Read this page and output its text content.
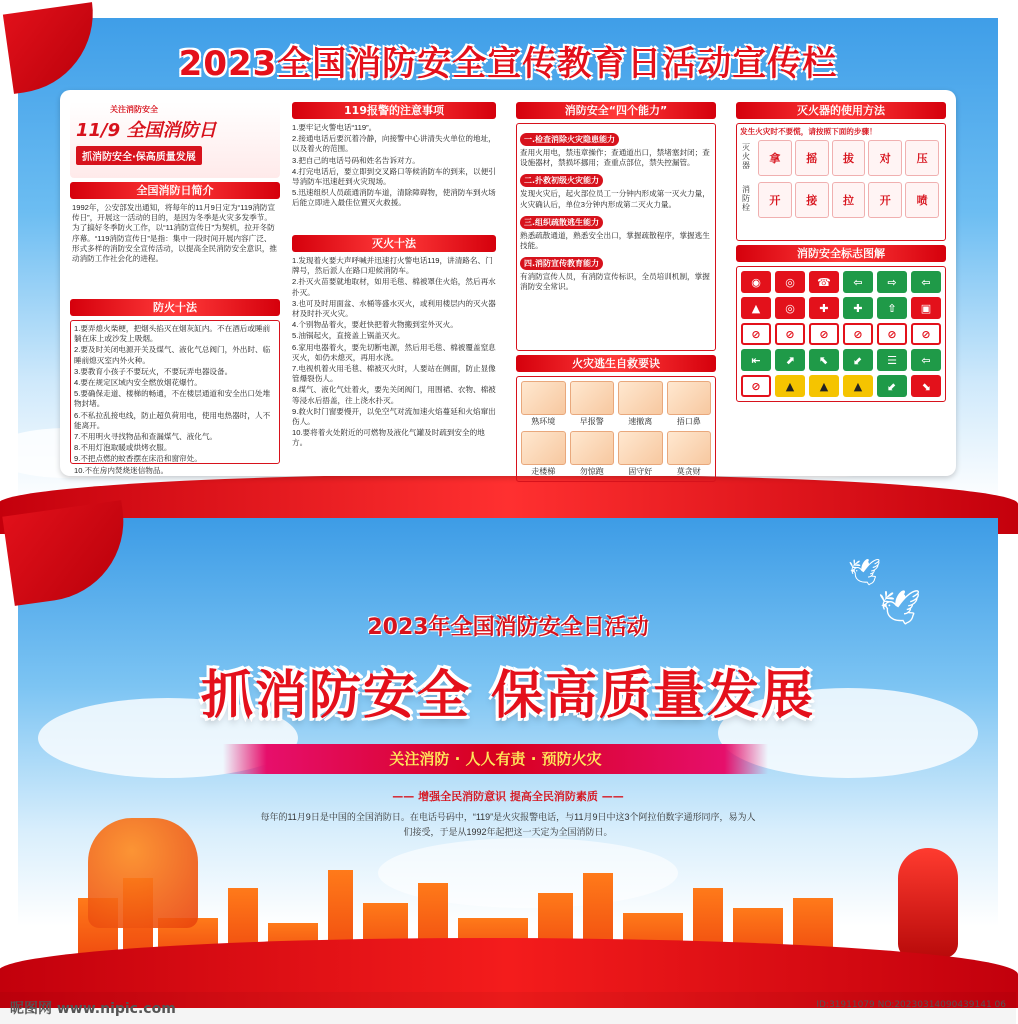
2023全国消防安全宣传教育日活动宣传栏
关注消防安全
11/9 全国消防日
抓消防安全·保高质量发展
全国消防日简介
1992年，公安部发出通知，将每年的11月9日定为“119消防宣传日”，开展这一活动的目的，是因为冬季是火灾多发季节。为了搞好冬季防火工作，以“11消防宣传日”为契机，拉开冬防序幕。“119消防宣传日”是指：集中一段时间开展内容广泛、形式多样的消防安全宣传活动，以提高全民消防安全意识，推动消防工作社会化的进程。
防火十法

1.要弄熄火柴梗，把烟头掐灭在烟灰缸内。不在酒后或睡前躺在床上或沙发上吸烟。

2.要及时关闭电源开关及煤气、液化气总阀门，外出时、临睡前熄灭室内外火种。

3.要教育小孩子不要玩火，不要玩弄电器设备。

4.要在规定区域内安全燃放烟花爆竹。

5.要确保走道、楼梯的畅通，不在楼层通道和安全出口处堆物封堵。

6.不私拉乱接电线，防止超负荷用电，使用电热器时，人不能离开。

7.不用明火寻找物品和查漏煤气、液化气。

8.不用灯泡取暖或烘烤衣服。

9.不把点燃的蚊香摆在床沿和窗帘处。

10.不在房内焚烧迷信物品。

119报警的注意事项

1.要牢记火警电话“119”。

2.接通电话后要沉着冷静，向接警中心讲清失火单位的地址，以及着火的范围。

3.把自己的电话号码和姓名告诉对方。

4.打完电话后，要立即到交叉路口等候消防车的到来，以便引导消防车迅速赶到火灾现场。

5.迅速组织人员疏通消防车道，清除障碍物，使消防车到火场后能立即进入最佳位置灭火救援。

灭火十法

1.发现着火要大声呼喊并迅速打火警电话119，讲清路名、门牌号，然后派人在路口迎候消防车。

2.扑灭火苗要就地取材，如用毛毯、棉被罩住火焰，然后再水扑灭。

3.也可及时用面盆、水桶等盛水灭火，或利用楼层内的灭火器材及时扑灭火灾。

4.个别物品着火，要赶快把着火物搬到室外灭火。

5.油锅起火，直接盖上锅盖灭火。

6.家用电器着火，要先切断电源，然后用毛毯、棉被覆盖窒息灭火，如仍未熄灭，再用水浇。

7.电视机着火用毛毯、棉被灭火时，人要站在侧面，防止显像管爆裂伤人。

8.煤气、液化气灶着火，要先关闭阀门，用围裙、衣物、棉被等浸水后捂盖，往上浇水扑灭。

9.救火时门窗要慢开，以免空气对流加速火焰蔓延和火焰窜出伤人。

10.要将着火处附近的可燃物及液化气罐及时疏到安全的地方。

消防安全“四个能力”
一.检查消除火灾隐患能力
查用火用电，禁违章操作；查通道出口，禁堵塞封闭；查设施器材，禁损坏挪用；查重点部位，禁失控漏管。
二.扑救初级火灾能力
发现火灾后，起火部位员工一分钟内形成第一灭火力量，火灾确认后，单位3分钟内形成第二灭火力量。
三.组织疏散逃生能力
熟悉疏散通道，熟悉安全出口，掌握疏散程序，掌握逃生技能。
四.消防宣传教育能力
有消防宣传人员，有消防宣传标识，全员培训机制，掌握消防安全常识。
火灾逃生自救要诀
熟环境	早报警	速撤离	捂口鼻
走楼梯	勿惊跑	固守好	莫贪财
灭火器的使用方法
发生火灾时不要慌，请按照下面的步骤！
灭火器
拿	摇	拔	对	压
消防栓
开	接	拉	开	喷
消防安全标志图解
◉	◎	☎	⇦	⇨	⇦
▲	◎	✚	✚	⇧	▣
⊘	⊘	⊘	⊘	⊘	⊘
⇤	⬈	⬉	⬋	☰	⇦
⊘	▲	▲	▲	⬋	⬊
🕊
🕊
2023年全国消防安全日活动
抓消防安全 保高质量发展
关注消防 · 人人有责 · 预防火灾
—— 增强全民消防意识 提高全民消防素质 ——
每年的11月9日是中国的全国消防日。在电话号码中，“119”是火灾报警电话，与11月9日中这3个阿拉伯数字通形同序，易为人们接受，于是从1992年起把这一天定为全国消防日。
昵图网 www.nipic.com	ID:31911079 NO:20230314090439141 06
